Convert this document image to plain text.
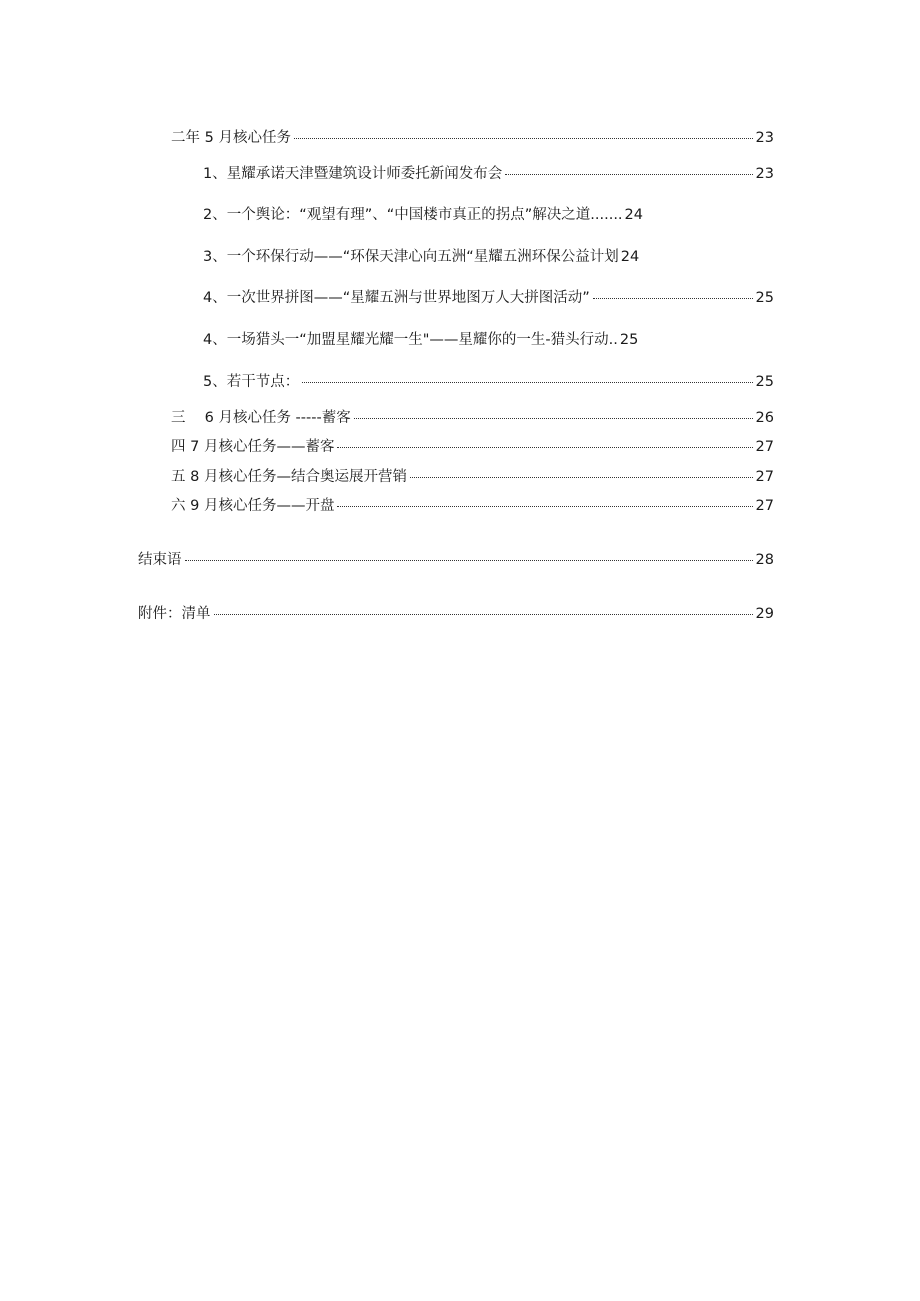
二年 5 月核心任务	23
1、星耀承诺天津暨建筑设计师委托新闻发布会	23
2、一个舆论：“观望有理”、“中国楼市真正的拐点”解决之道....... 24
3、一个环保行动——“环保天津心向五洲“星耀五洲环保公益计划 24
4、一次世界拼图——“星耀五洲与世界地图万人大拼图活动”	25
4、一场猎头一“加盟星耀光耀一生"——星耀你的一生-猎头行动.. 25
5、若干节点：	25
三　 6 月核心任务 -----蓄客	26
四 7 月核心任务——蓄客	27
五 8 月核心任务—结合奥运展开营销	27
六 9 月核心任务——开盘	27
结束语	28
附件：清单	29
